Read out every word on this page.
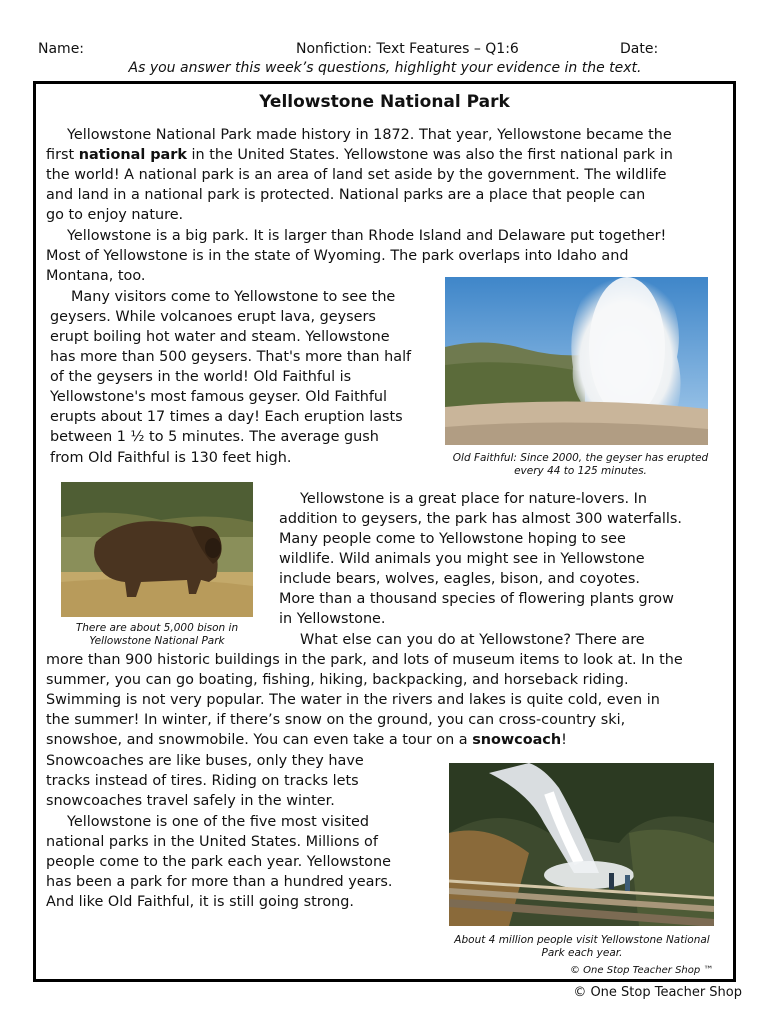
Name:	Nonfiction: Text Features – Q1:6	Date:
As you answer this week’s questions, highlight your evidence in the text.
Yellowstone National Park
Yellowstone National Park made history in 1872. That year, Yellowstone became the
first national park in the United States. Yellowstone was also the first national park in
the world! A national park is an area of land set aside by the government. The wildlife
and land in a national park is protected. National parks are a place that people can
go to enjoy nature.
Yellowstone is a big park. It is larger than Rhode Island and Delaware put together!
Most of Yellowstone is in the state of Wyoming. The park overlaps into Idaho and
Montana, too.
Many visitors come to Yellowstone to see the
geysers. While volcanoes erupt lava, geysers
erupt boiling hot water and steam. Yellowstone
has more than 500 geysers. That's more than half
of the geysers in the world! Old Faithful is
Yellowstone's most famous geyser. Old Faithful
erupts about 17 times a day! Each eruption lasts
between 1 ½ to 5 minutes. The average gush
from Old Faithful is 130 feet high.
Yellowstone is a great place for nature-lovers. In
addition to geysers, the park has almost 300 waterfalls.
Many people come to Yellowstone hoping to see
wildlife. Wild animals you might see in Yellowstone
include bears, wolves, eagles, bison, and coyotes.
More than a thousand species of flowering plants grow
in Yellowstone.
What else can you do at Yellowstone? There are
more than 900 historic buildings in the park, and lots of museum items to look at. In the
summer, you can go boating, fishing, hiking, backpacking, and horseback riding.
Swimming is not very popular. The water in the rivers and lakes is quite cold, even in
the summer! In winter, if there’s snow on the ground, you can cross-country ski,
snowshoe, and snowmobile. You can even take a tour on a snowcoach!
Snowcoaches are like buses, only they have
tracks instead of tires. Riding on tracks lets
snowcoaches travel safely in the winter.
Yellowstone is one of the five most visited
national parks in the United States. Millions of
people come to the park each year. Yellowstone
has been a park for more than a hundred years.
And like Old Faithful, it is still going strong.
Old Faithful: Since 2000, the geyser has erupted every 44 to 125 minutes.
There are about 5,000 bison in Yellowstone National Park
About 4 million people visit Yellowstone National Park each year.
© One Stop Teacher Shop ™
© One Stop Teacher Shop
